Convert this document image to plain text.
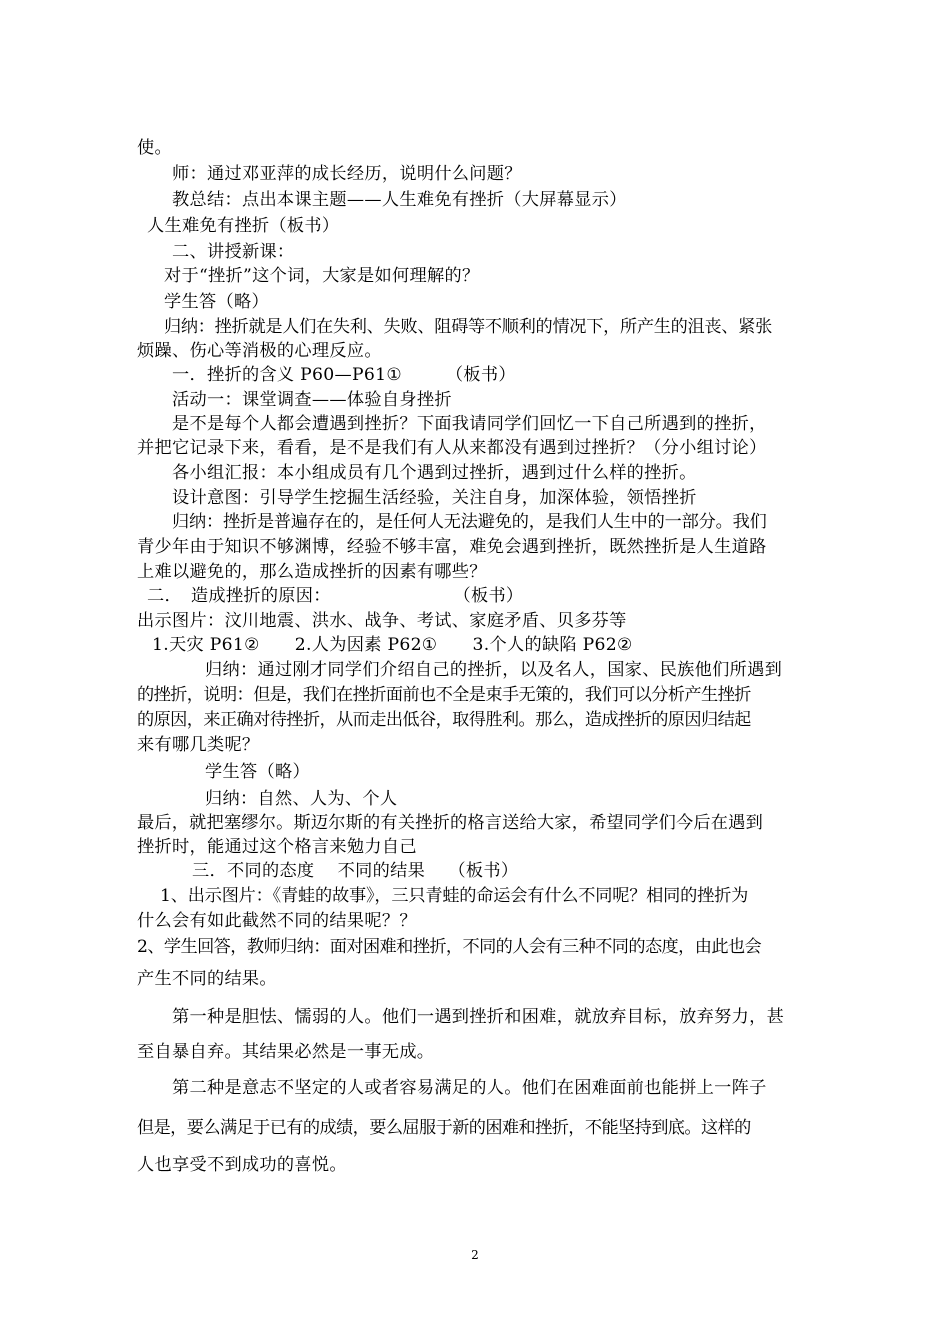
使。

师：通过邓亚萍的成长经历，说明什么问题？

教总结：点出本课主题——人生难免有挫折（大屏幕显示）

人生难免有挫折（板书）

二、讲授新课：

对于“挫折”这个词，大家是如何理解的？

学生答（略）

归纳：挫折就是人们在失利、失败、阻碍等不顺利的情况下，所产生的沮丧、紧张

烦躁、伤心等消极的心理反应。

一．挫折的含义 P60—P61①　　　（板书）

活动一：课堂调查——体验自身挫折

是不是每个人都会遭遇到挫折？下面我请同学们回忆一下自己所遇到的挫折，

并把它记录下来，看看，是不是我们有人从来都没有遇到过挫折？（分小组讨论）

各小组汇报：本小组成员有几个遇到过挫折，遇到过什么样的挫折。

设计意图：引导学生挖掘生活经验，关注自身，加深体验，领悟挫折

归纳：挫折是普遍存在的，是任何人无法避免的，是我们人生中的一部分。我们

青少年由于知识不够渊博，经验不够丰富，难免会遇到挫折，既然挫折是人生道路

上难以避免的，那么造成挫折的因素有哪些？

二．　造成挫折的原因：　　　　　　　　（板书）

出示图片：汶川地震、洪水、战争、考试、家庭矛盾、贝多芬等

1.天灾 P61②　　2.人为因素 P62①　　3.个人的缺陷 P62②

归纳：通过刚才同学们介绍自己的挫折，以及名人，国家、民族他们所遇到

的挫折，说明：但是，我们在挫折面前也不全是束手无策的，我们可以分析产生挫折

的原因，来正确对待挫折，从而走出低谷，取得胜利。那么，造成挫折的原因归结起

来有哪几类呢？

学生答（略）

归纳：自然、人为、个人

最后，就把塞缪尔。斯迈尔斯的有关挫折的格言送给大家，希望同学们今后在遇到

挫折时，能通过这个格言来勉力自己

三．不同的态度　 不同的结果　 （板书）

1、出示图片：《青蛙的故事》，三只青蛙的命运会有什么不同呢？相同的挫折为

什么会有如此截然不同的结果呢？？

2、学生回答，教师归纳：面对困难和挫折，不同的人会有三种不同的态度，由此也会

产生不同的结果。

第一种是胆怯、懦弱的人。他们一遇到挫折和困难，就放弃目标，放弃努力，甚

至自暴自弃。其结果必然是一事无成。

第二种是意志不坚定的人或者容易满足的人。他们在困难面前也能拼上一阵子

但是，要么满足于已有的成绩，要么屈服于新的困难和挫折，不能坚持到底。这样的

人也享受不到成功的喜悦。

2
